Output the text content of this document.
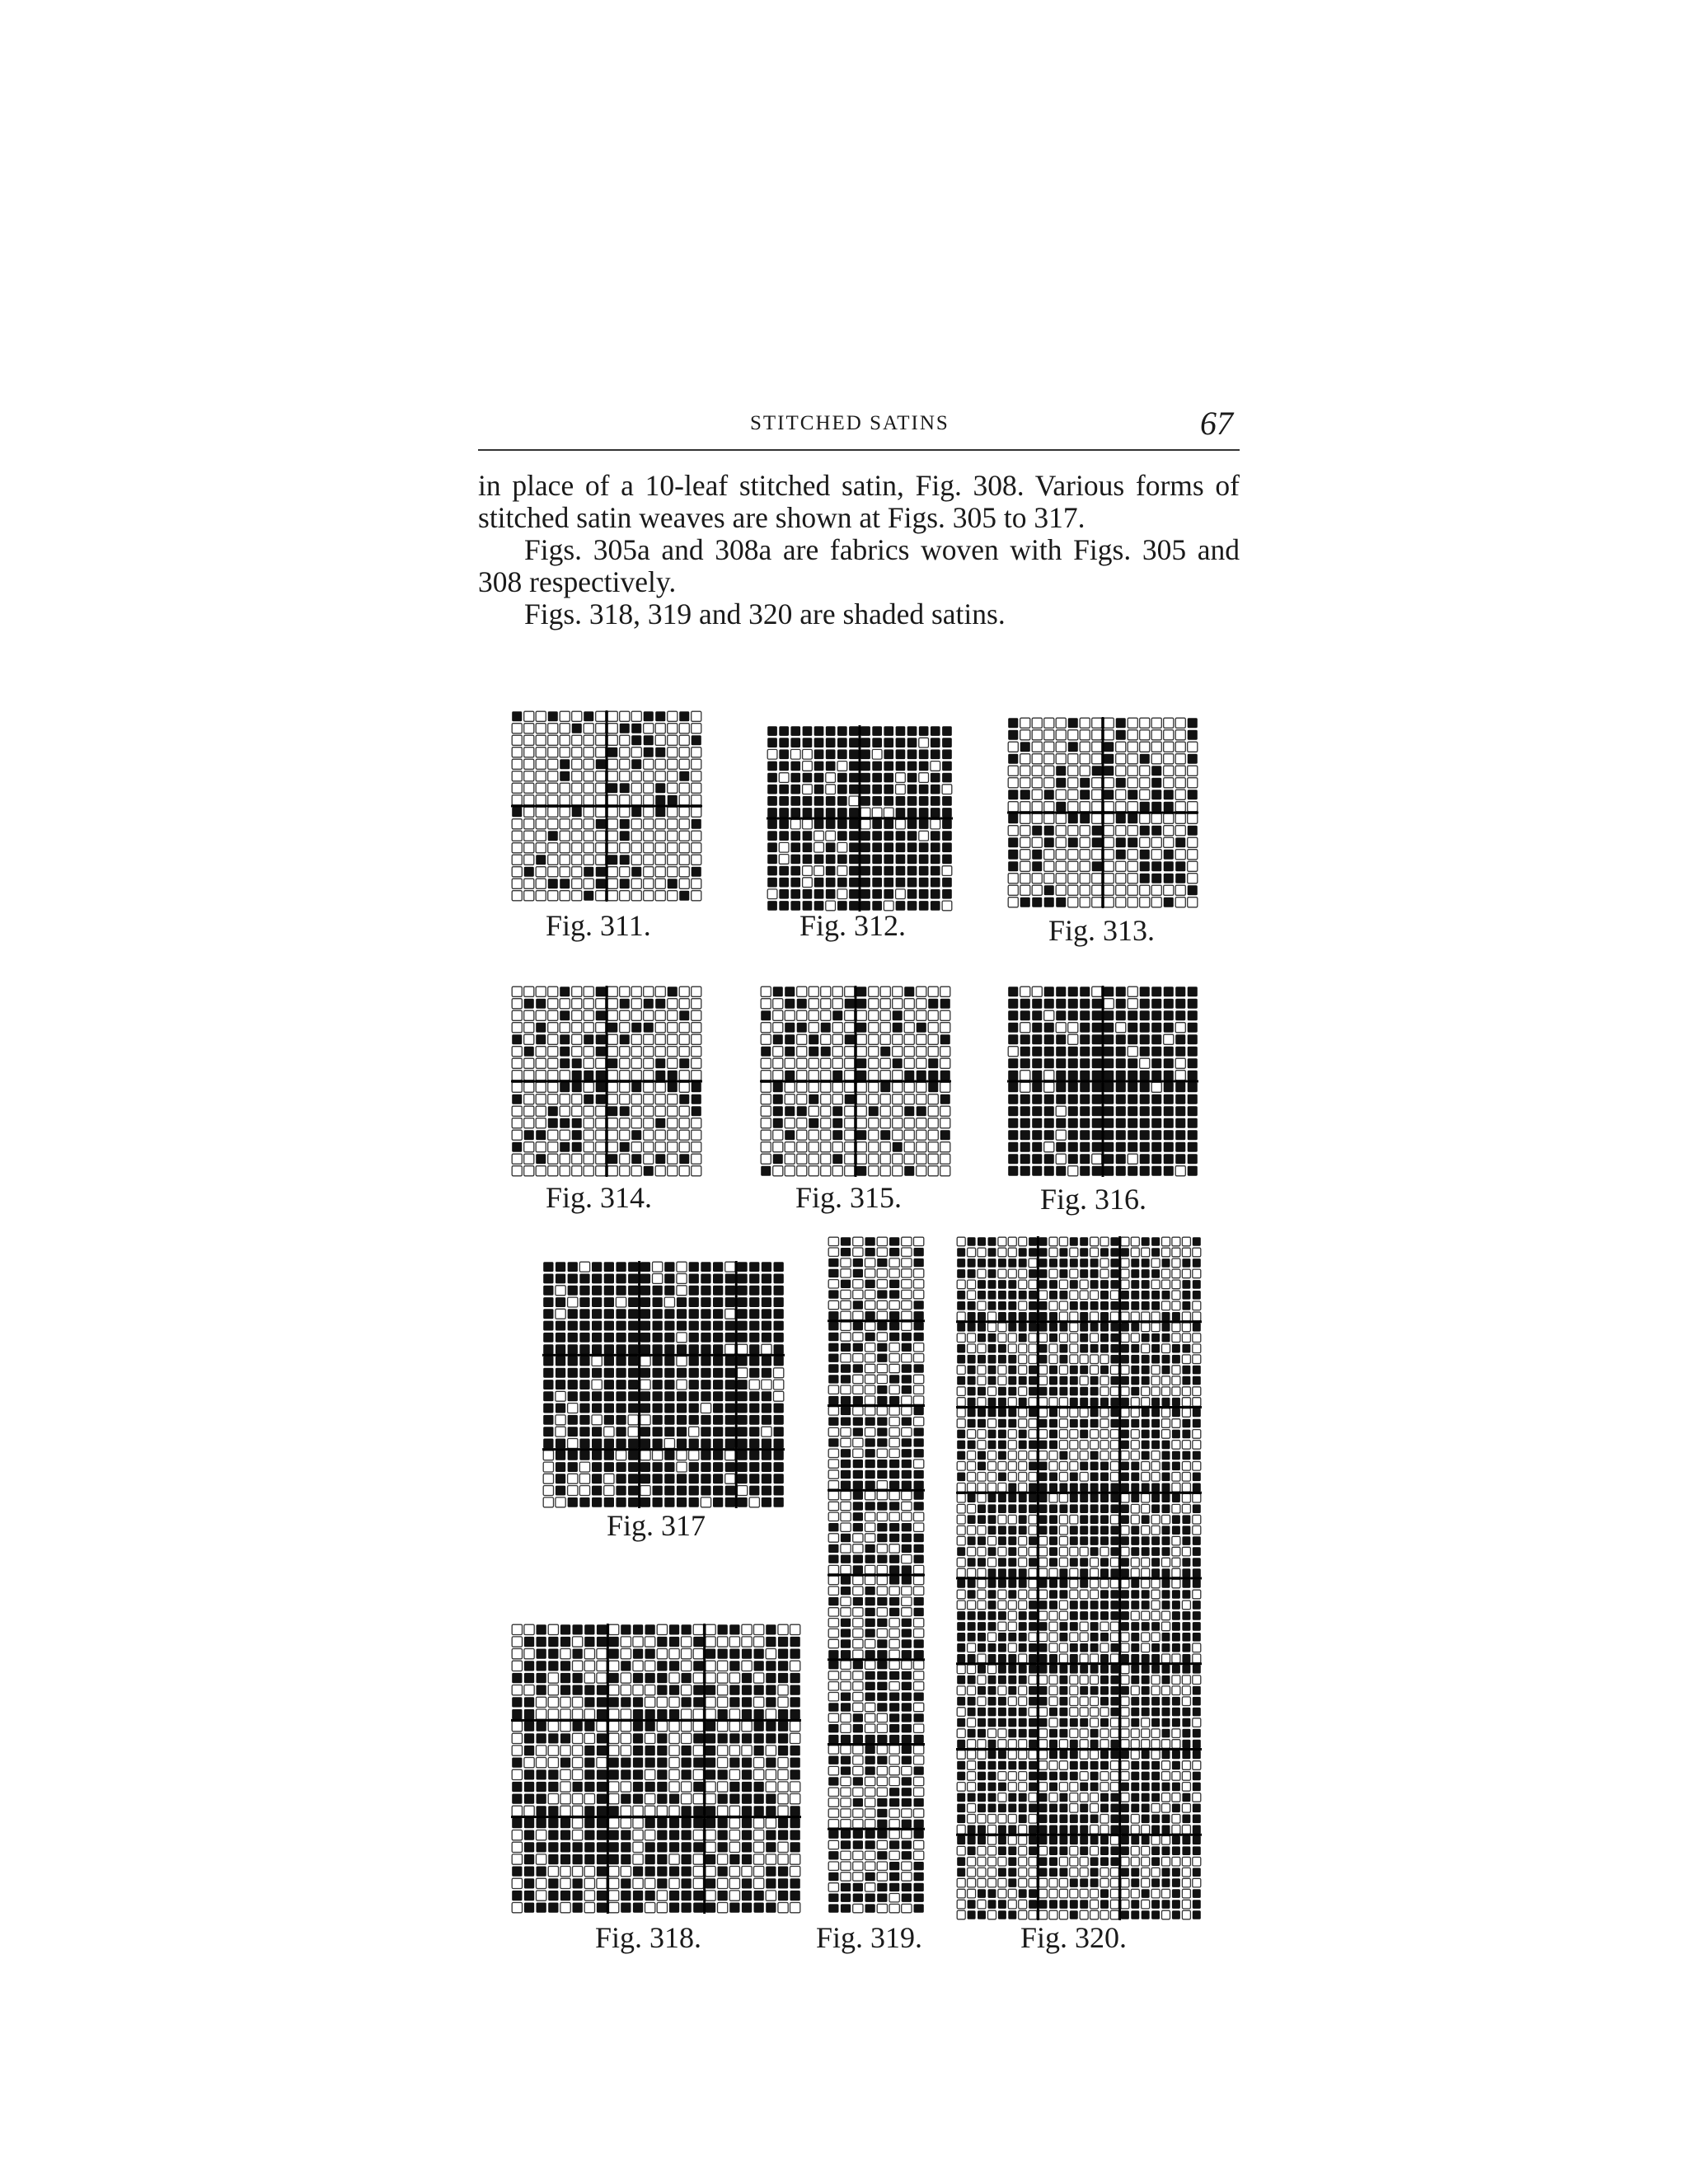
STITCHED SATINS	67

in place of a 10-leaf stitched satin, Fig. 308. Various forms of stitched satin weaves are shown at Figs. 305 to 317.

Figs. 305a and 308a are fabrics woven with Figs. 305 and 308 respectively.

Figs. 318, 319 and 320 are shaded satins.

Fig. 311.	Fig. 312.	Fig. 313.
Fig. 314.	Fig. 315.	Fig. 316.
Fig. 317
Fig. 318.	Fig. 319.	Fig. 320.
